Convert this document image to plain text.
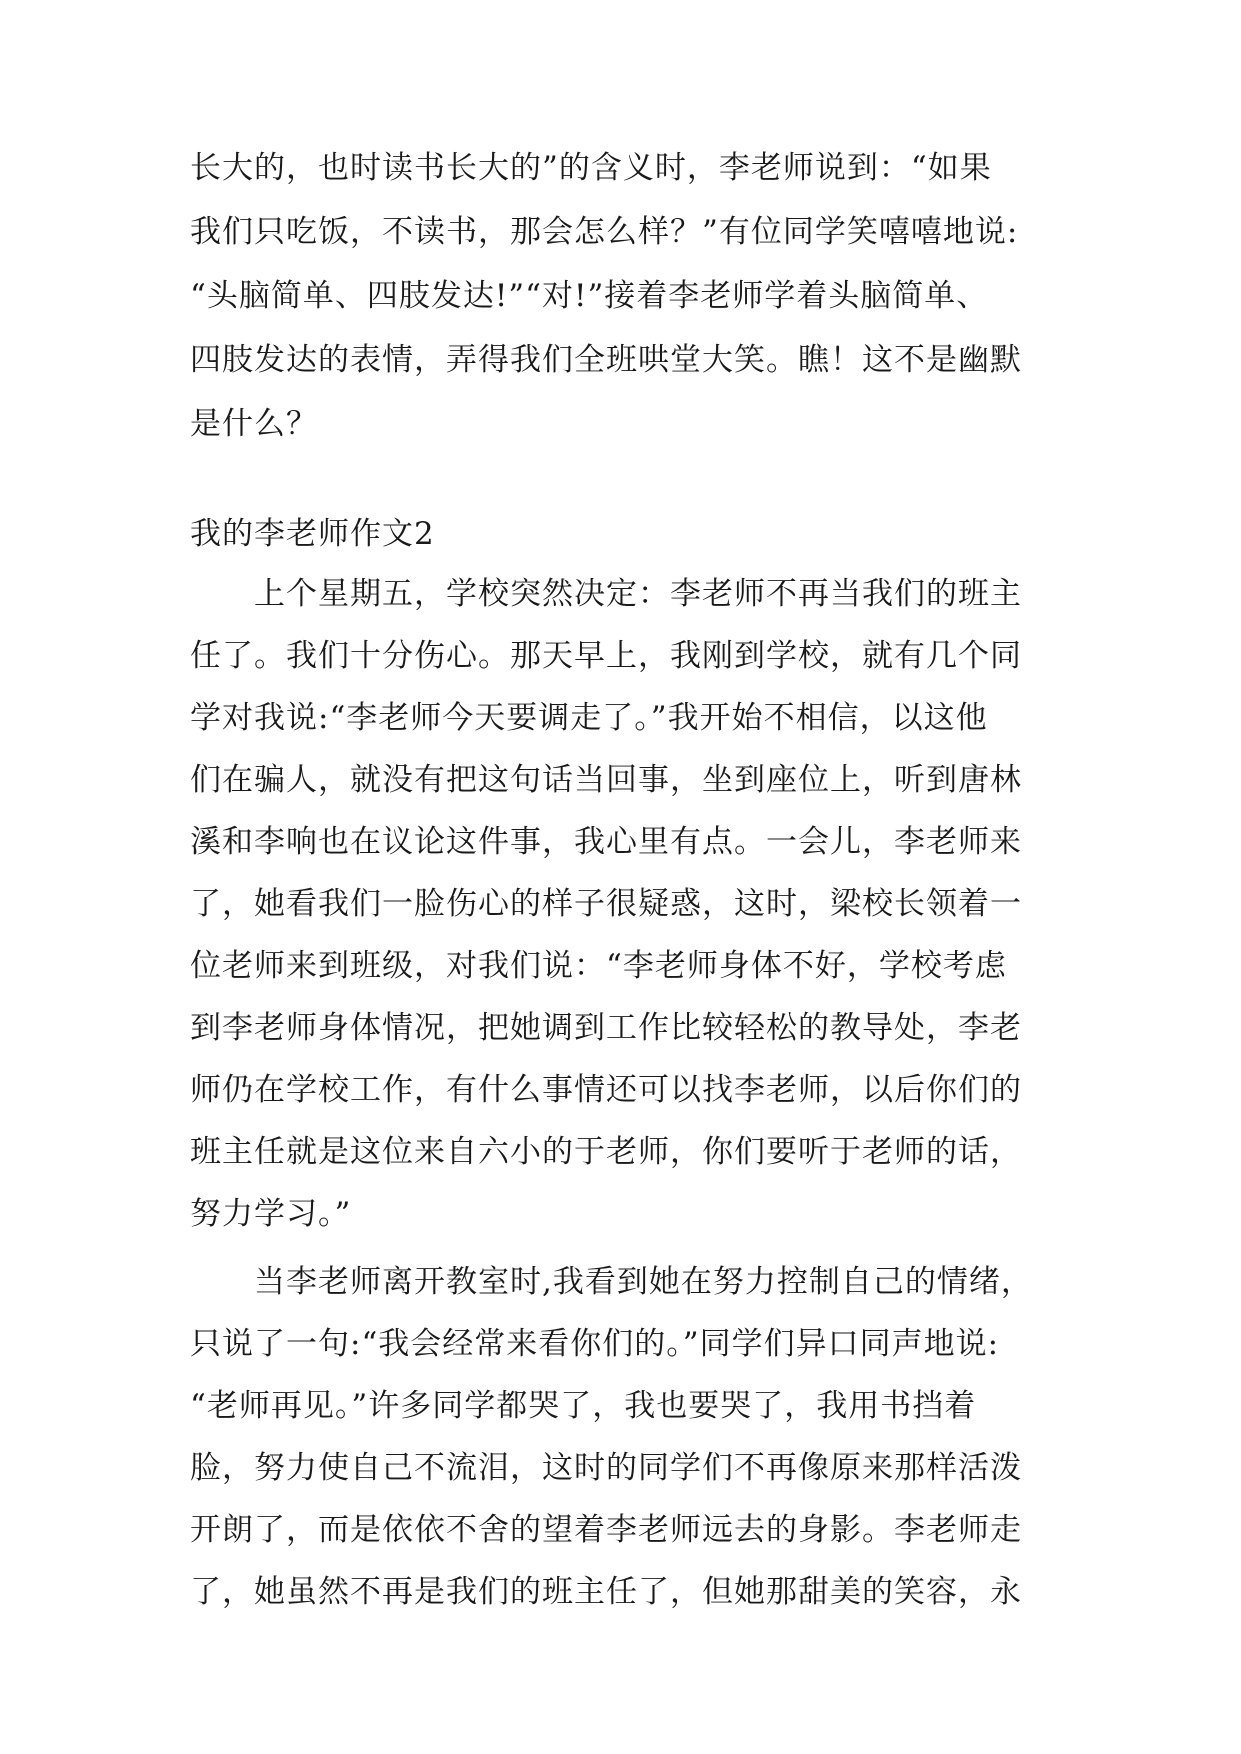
长大的，也时读书长大的”的含义时，李老师说到：“如果
我们只吃饭，不读书，那会怎么样？”有位同学笑嘻嘻地说:
“头脑简单、四肢发达!”“对!”接着李老师学着头脑简单、
四肢发达的表情，弄得我们全班哄堂大笑。瞧！这不是幽默
是什么？
我的李老师作文2
上个星期五，学校突然决定：李老师不再当我们的班主
任了。我们十分伤心。那天早上，我刚到学校，就有几个同
学对我说:“李老师今天要调走了。”我开始不相信，以这他
们在骗人，就没有把这句话当回事，坐到座位上，听到唐林
溪和李响也在议论这件事，我心里有点。一会儿，李老师来
了，她看我们一脸伤心的样子很疑惑，这时，梁校长领着一
位老师来到班级，对我们说：“李老师身体不好，学校考虑
到李老师身体情况，把她调到工作比较轻松的教导处，李老
师仍在学校工作，有什么事情还可以找李老师，以后你们的
班主任就是这位来自六小的于老师，你们要听于老师的话，
努力学习。”
当李老师离开教室时,我看到她在努力控制自己的情绪，
只说了一句:“我会经常来看你们的。”同学们异口同声地说:
“老师再见。”许多同学都哭了，我也要哭了，我用书挡着
脸，努力使自己不流泪，这时的同学们不再像原来那样活泼
开朗了，而是依依不舍的望着李老师远去的身影。李老师走
了，她虽然不再是我们的班主任了，但她那甜美的笑容，永
